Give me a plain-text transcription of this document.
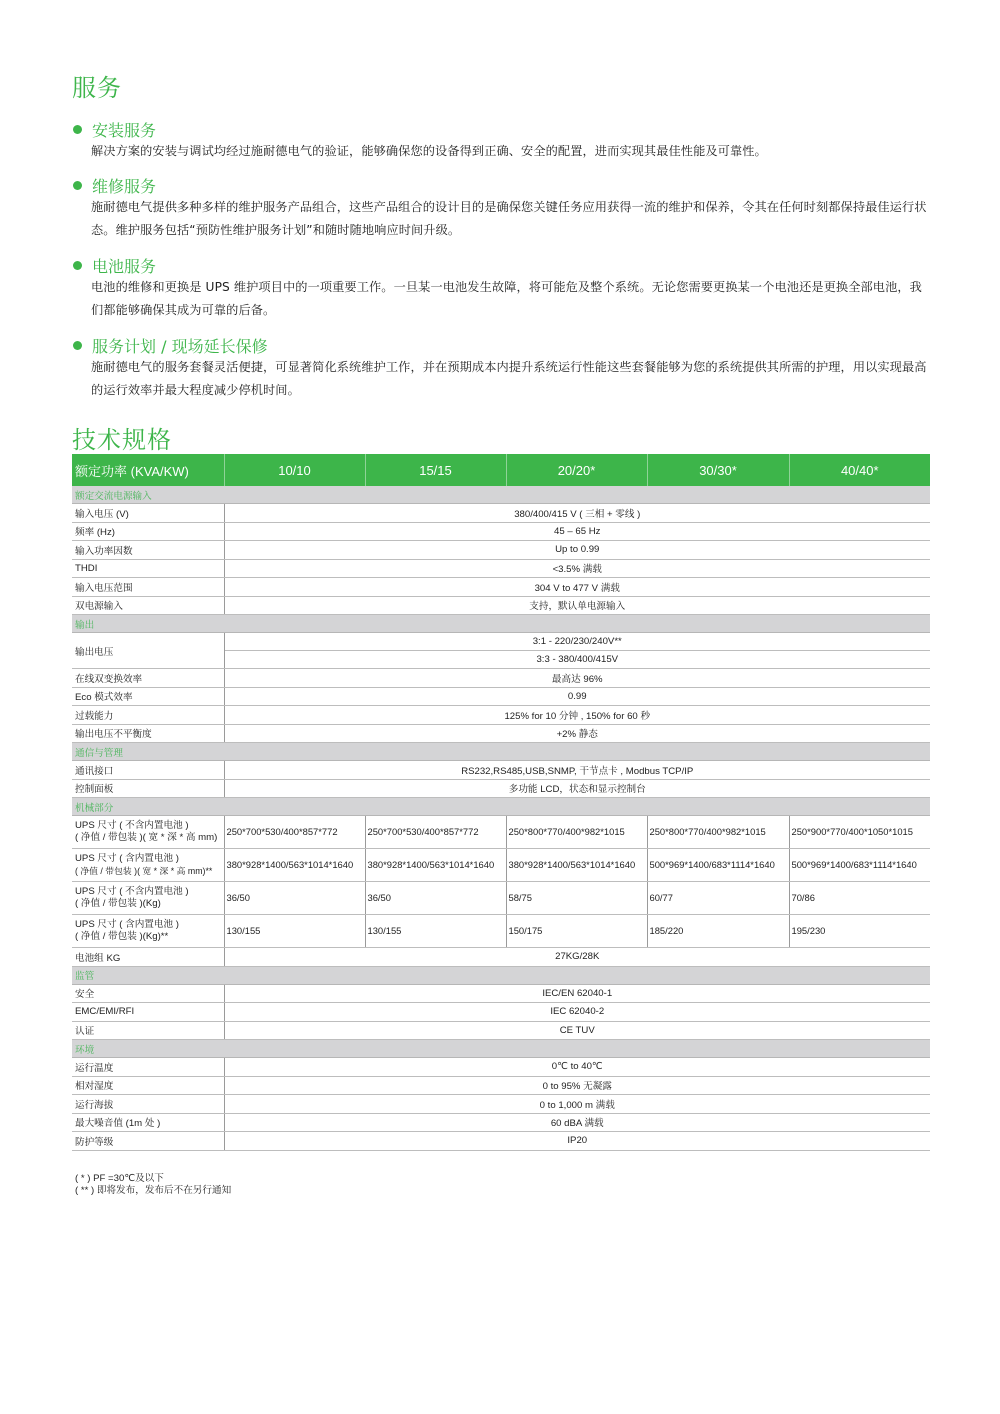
服务
安装服务
解决方案的安装与调试均经过施耐德电气的验证，能够确保您的设备得到正确、安全的配置，进而实现其最佳性能及可靠性。
维修服务
施耐德电气提供多种多样的维护服务产品组合，这些产品组合的设计目的是确保您关键任务应用获得一流的维护和保养，令其在任何时刻都保持最佳运行状态。维护服务包括“预防性维护服务计划”和随时随地响应时间升级。
电池服务
电池的维修和更换是 UPS 维护项目中的一项重要工作。一旦某一电池发生故障，将可能危及整个系统。无论您需要更换某一个电池还是更换全部电池，我们都能够确保其成为可靠的后备。
服务计划 / 现场延长保修
施耐德电气的服务套餐灵活便捷，可显著简化系统维护工作，并在预期成本内提升系统运行性能这些套餐能够为您的系统提供其所需的护理，用以实现最高的运行效率并最大程度减少停机时间。
技术规格
额定功率 (KVA/KW)	10/10	15/15	20/20*	30/30*	40/40*
额定交流电源输入					
输入电压 (V)	380/400/415 V ( 三相 + 零线 )				
频率 (Hz)	45 – 65 Hz				
输入功率因数	Up to 0.99				
THDI	<3.5% 满载				
输入电压范围	304 V to 477 V 满载				
双电源输入	支持，默认单电源输入				
输出					
输出电压	3:1 - 220/230/240V**				
	3:3 - 380/400/415V				
在线双变换效率	最高达 96%				
Eco 模式效率	0.99				
过载能力	125% for 10 分钟 , 150% for 60 秒				
输出电压不平衡度	+2% 静态				
通信与管理					
通讯接口	RS232,RS485,USB,SNMP, 干节点卡 , Modbus TCP/IP				
控制面板	多功能 LCD，状态和显示控制台				
机械部分					
UPS 尺寸 ( 不含内置电池 )
( 净值 / 带包装 )( 宽 * 深 * 高 mm)	250*700*530/400*857*772	250*700*530/400*857*772	250*800*770/400*982*1015	250*800*770/400*982*1015	250*900*770/400*1050*1015
UPS 尺寸 ( 含内置电池 )
( 净值 / 带包装 )( 宽 * 深 * 高 mm)**	380*928*1400/563*1014*1640	380*928*1400/563*1014*1640	380*928*1400/563*1014*1640	500*969*1400/683*1114*1640	500*969*1400/683*1114*1640
UPS 尺寸 ( 不含内置电池 )
( 净值 / 带包装 )(Kg)	36/50	36/50	58/75	60/77	70/86
UPS 尺寸 ( 含内置电池 )
( 净值 / 带包装 )(Kg)**	130/155	130/155	150/175	185/220	195/230
电池组 KG	27KG/28K				
监管					
安全	IEC/EN 62040-1				
EMC/EMI/RFI	IEC 62040-2				
认证	CE TUV				
环境					
运行温度	0℃ to 40℃				
相对湿度	0 to 95% 无凝露				
运行海拔	0 to 1,000 m 满载				
最大噪音值 (1m 处 )	60 dBA 满载				
防护等级	IP20				
( * ) PF =30℃及以下
( ** ) 即将发布，发布后不在另行通知
